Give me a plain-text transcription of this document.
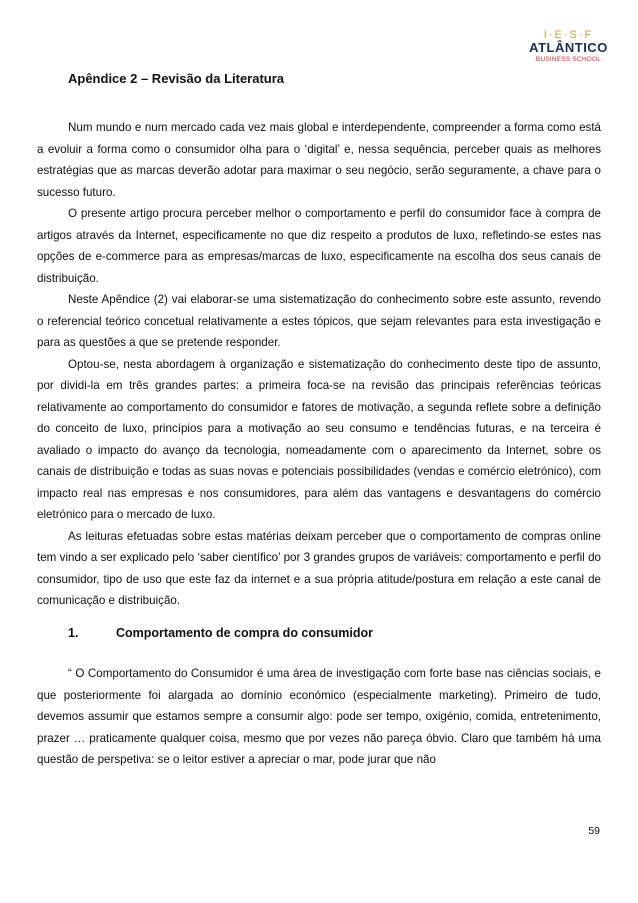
I·E·S·F
ATLÂNTICO
BUSINESS SCHOOL
Apêndice 2 – Revisão da Literatura

Num mundo e num mercado cada vez mais global e interdependente, compreender a forma como está a evoluir a forma como o consumidor olha para o ‘digital’ e, nessa sequência, perceber quais as melhores estratégias que as marcas deverão adotar para maximar o seu negócio, serão seguramente, a chave para o sucesso futuro.

O presente artigo procura perceber melhor o comportamento e perfil do consumidor face à compra de artigos através da Internet, especificamente no que diz respeito a produtos de luxo, refletindo-se estes nas opções de e-commerce para as empresas/marcas de luxo, especificamente na escolha dos seus canais de distribuição.

Neste Apêndice (2) vai elaborar-se uma sistematização do conhecimento sobre este assunto, revendo o referencial teórico concetual relativamente a estes tópicos, que sejam relevantes para esta investigação e para as questões a que se pretende responder.

Optou-se, nesta abordagem à organização e sistematização do conhecimento deste tipo de assunto, por dividi-la em três grandes partes: a primeira foca-se na revisão das principais referências teóricas relativamente ao comportamento do consumidor e fatores de motivação, a segunda reflete sobre a definição do conceito de luxo, princípios para a motivação ao seu consumo e tendências futuras, e na terceira é avaliado o impacto do avanço da tecnologia, nomeadamente com o aparecimento da Internet, sobre os canais de distribuição e todas as suas novas e potenciais possibilidades (vendas e comércio eletrónico), com impacto real nas empresas e nos consumidores, para além das vantagens e desvantagens do comércio eletrónico para o mercado de luxo.

As leituras efetuadas sobre estas matérias deixam perceber que o comportamento de compras online tem vindo a ser explicado pelo ‘saber científico’ por 3 grandes grupos de variáveis: comportamento e perfil do consumidor, tipo de uso que este faz da internet e a sua própria atitude/postura em relação a este canal de comunicação e distribuição.

1.	Comportamento de compra do consumidor

“ O Comportamento do Consumidor é uma área de investigação com forte base nas ciências sociais, e que posteriormente foi alargada ao domínio económico (especialmente marketing). Primeiro de tudo, devemos assumir que estamos sempre a consumir algo: pode ser tempo, oxigénio, comida, entretenimento, prazer … praticamente qualquer coisa, mesmo que por vezes não pareça óbvio. Claro que também há uma questão de perspetiva: se o leitor estiver a apreciar o mar, pode jurar que não

59
